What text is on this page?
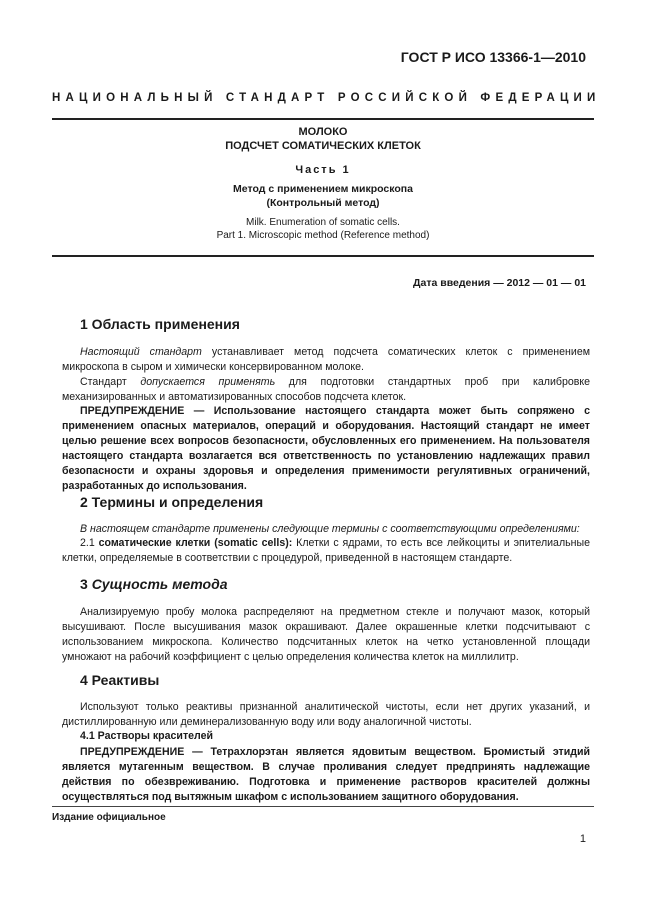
ГОСТ Р ИСО 13366-1—2010
НАЦИОНАЛЬНЫЙ СТАНДАРТ РОССИЙСКОЙ ФЕДЕРАЦИИ
МОЛОКО
ПОДСЧЕТ СОМАТИЧЕСКИХ КЛЕТОК
Часть 1
Метод с применением микроскопа
(Контрольный метод)
Milk. Enumeration of somatic cells.
Part 1. Microscopic method (Reference method)
Дата введения — 2012 — 01 — 01
1 Область применения
Настоящий стандарт устанавливает метод подсчета соматических клеток с применением микроскопа в сыром и химически консервированном молоке.
Стандарт допускается применять для подготовки стандартных проб при калибровке механизированных и автоматизированных способов подсчета клеток.
ПРЕДУПРЕЖДЕНИЕ — Использование настоящего стандарта может быть сопряжено с применением опасных материалов, операций и оборудования. Настоящий стандарт не имеет целью решение всех вопросов безопасности, обусловленных его применением. На пользователя настоящего стандарта возлагается вся ответственность по установлению надлежащих правил безопасности и охраны здоровья и определения применимости регулятивных ограничений, разработанных до использования.
2 Термины и определения
В настоящем стандарте применены следующие термины с соответствующими определениями:
2.1 соматические клетки (somatic cells): Клетки с ядрами, то есть все лейкоциты и эпителиальные клетки, определяемые в соответствии с процедурой, приведенной в настоящем стандарте.
3 Сущность метода
Анализируемую пробу молока распределяют на предметном стекле и получают мазок, который высушивают. После высушивания мазок окрашивают. Далее окрашенные клетки подсчитывают с использованием микроскопа. Количество подсчитанных клеток на четко установленной площади умножают на рабочий коэффициент с целью определения количества клеток на миллилитр.
4 Реактивы
Используют только реактивы признанной аналитической чистоты, если нет других указаний, и дистиллированную или деминерализованную воду или воду аналогичной чистоты.
4.1 Растворы красителей
ПРЕДУПРЕЖДЕНИЕ — Тетрахлорэтан является ядовитым веществом. Бромистый этидий является мутагенным веществом. В случае проливания следует предпринять надлежащие действия по обезвреживанию. Подготовка и применение растворов красителей должны осуществляться под вытяжным шкафом с использованием защитного оборудования.
Издание официальное
1
